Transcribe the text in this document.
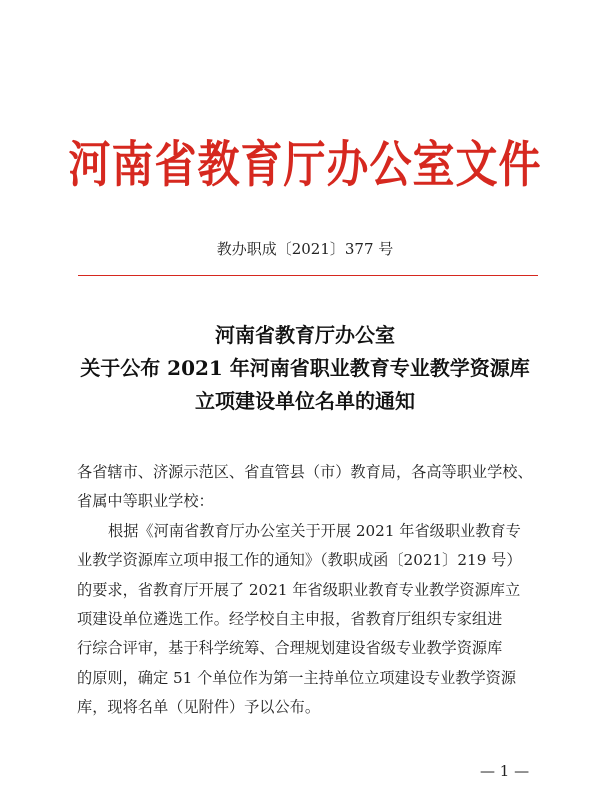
河南省教育厅办公室文件
教办职成〔2021〕377 号
河南省教育厅办公室
关于公布 2021 年河南省职业教育专业教学资源库
立项建设单位名单的通知
各省辖市、济源示范区、省直管县（市）教育局，各高等职业学校、
省属中等职业学校：
根据《河南省教育厅办公室关于开展 2021 年省级职业教育专
业教学资源库立项申报工作的通知》（教职成函〔2021〕219 号）
的要求，省教育厅开展了 2021 年省级职业教育专业教学资源库立
项建设单位遴选工作。经学校自主申报，省教育厅组织专家组进
行综合评审，基于科学统筹、合理规划建设省级专业教学资源库
的原则，确定 51 个单位作为第一主持单位立项建设专业教学资源
库，现将名单（见附件）予以公布。
— 1 —
